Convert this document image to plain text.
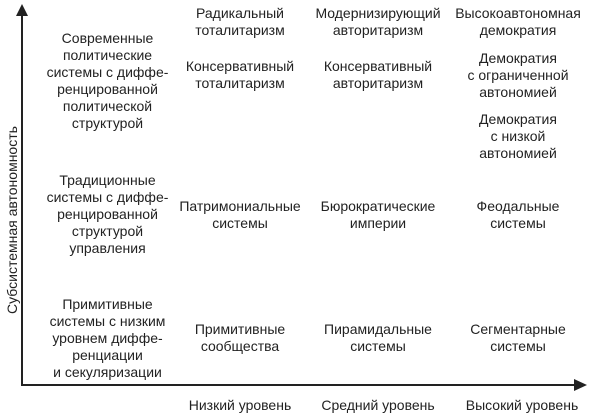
Субсистемная автономность
Современные
политические
системы с диффе-
ренцированной
политической
структурой
Традиционные
системы с диффе-
ренцированной
структурой
управления
Примитивные
системы с низким
уровнем диффе-
ренциации
и секуляризации
Радикальный
тоталитаризм
Модернизирующий
авторитаризм
Высокоавтономная
демократия
Консервативный
тоталитаризм
Консервативный
авторитаризм
Демократия
с ограниченной
автономией
Демократия
с низкой
автономией
Патримониальные
системы
Бюрократические
империи
Феодальные
системы
Примитивные
сообщества
Пирамидальные
системы
Сегментарные
системы
Низкий уровень	Средний уровень	Высокий уровень
